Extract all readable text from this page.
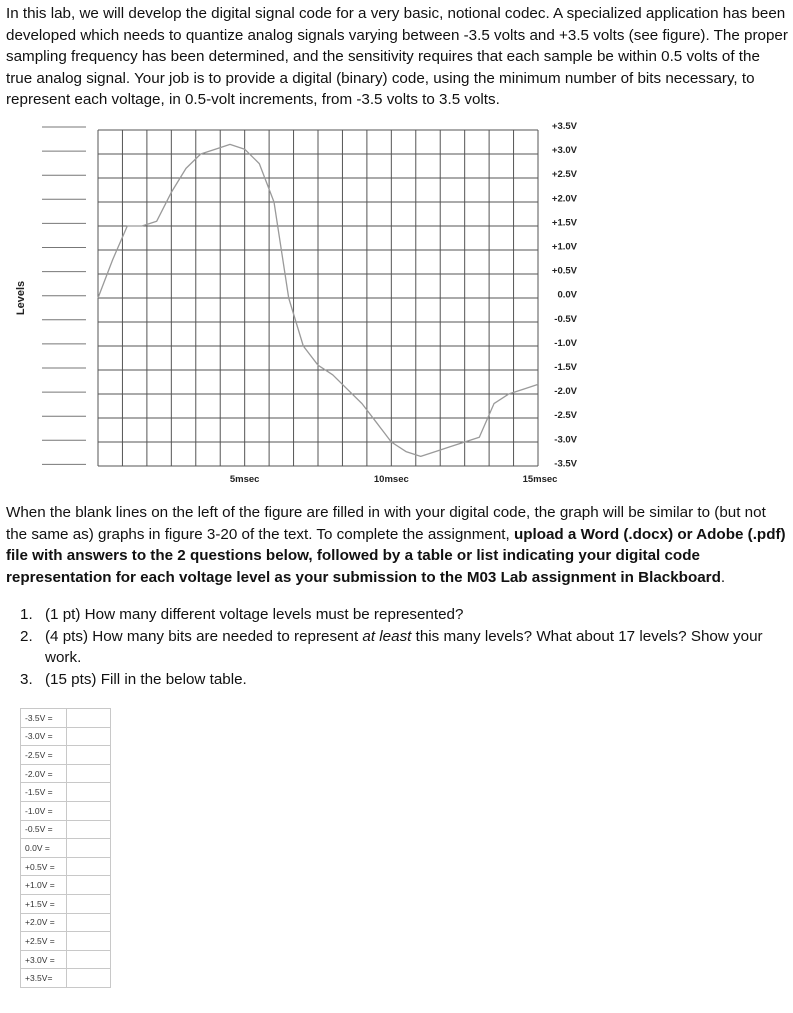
In this lab, we will develop the digital signal code for a very basic, notional codec. A specialized application has been developed which needs to quantize analog signals varying between -3.5 volts and +3.5 volts (see figure). The proper sampling frequency has been determined, and the sensitivity requires that each sample be within 0.5 volts of the true analog signal. Your job is to provide a digital (binary) code, using the minimum number of bits necessary, to represent each voltage, in 0.5-volt increments, from -3.5 volts to 3.5 volts.

+3.5V
+3.0V
+2.5V
+2.0V
+1.5V
+1.0V
+0.5V
0.0V
-0.5V
-1.0V
-1.5V
-2.0V
-2.5V
-3.0V
-3.5V
Levels
5msec	10msec	15msec

When the blank lines on the left of the figure are filled in with your digital code, the graph will be similar to (but not the same as) graphs in figure 3-20 of the text. To complete the assignment, upload a Word (.docx) or Adobe (.pdf) file with answers to the 2 questions below, followed by a table or list indicating your digital code representation for each voltage level as your submission to the M03 Lab assignment in Blackboard.

1. (1 pt) How many different voltage levels must be represented?
2. (4 pts) How many bits are needed to represent at least this many levels? What about 17 levels? Show your work.
3. (15 pts) Fill in the below table.
-3.5V =	
-3.0V =	
-2.5V =	
-2.0V =	
-1.5V =	
-1.0V =	
-0.5V =	
0.0V =	
+0.5V =	
+1.0V =	
+1.5V =	
+2.0V =	
+2.5V =	
+3.0V =	
+3.5V=	
